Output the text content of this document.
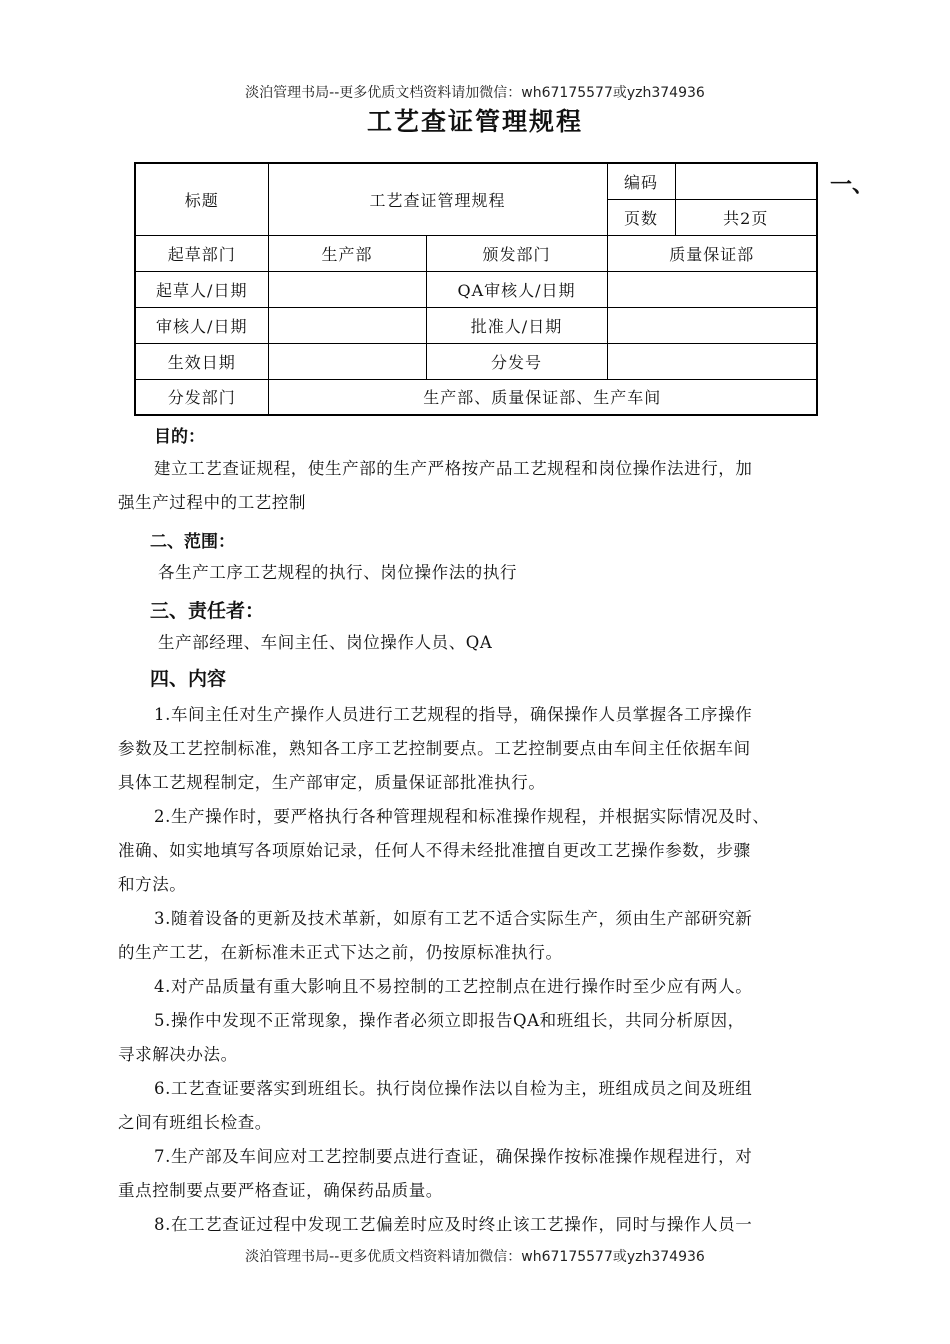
淡泊管理书局--更多优质文档资料请加微信：wh67175577或yzh374936
工艺查证管理规程
标题	工艺查证管理规程		编码	
			页数	共2页
起草部门	生产部	颁发部门	质量保证部	
起草人/日期		QA审核人/日期		
审核人/日期		批准人/日期		
生效日期		分发号		
分发部门	生产部、质量保证部、生产车间			
一、
目的：
建立工艺查证规程，使生产部的生产严格按产品工艺规程和岗位操作法进行，加
强生产过程中的工艺控制
二、范围：
各生产工序工艺规程的执行、岗位操作法的执行
三、责任者：
生产部经理、车间主任、岗位操作人员、QA
四、内容
1.车间主任对生产操作人员进行工艺规程的指导，确保操作人员掌握各工序操作
参数及工艺控制标准，熟知各工序工艺控制要点。工艺控制要点由车间主任依据车间
具体工艺规程制定，生产部审定，质量保证部批准执行。
2.生产操作时，要严格执行各种管理规程和标准操作规程，并根据实际情况及时、
准确、如实地填写各项原始记录，任何人不得未经批准擅自更改工艺操作参数，步骤
和方法。
3.随着设备的更新及技术革新，如原有工艺不适合实际生产，须由生产部研究新
的生产工艺，在新标准未正式下达之前，仍按原标准执行。
4.对产品质量有重大影响且不易控制的工艺控制点在进行操作时至少应有两人。
5.操作中发现不正常现象，操作者必须立即报告QA和班组长，共同分析原因，
寻求解决办法。
6.工艺查证要落实到班组长。执行岗位操作法以自检为主，班组成员之间及班组
之间有班组长检查。
7.生产部及车间应对工艺控制要点进行查证，确保操作按标准操作规程进行，对
重点控制要点要严格查证，确保药品质量。
8.在工艺查证过程中发现工艺偏差时应及时终止该工艺操作，同时与操作人员一
淡泊管理书局--更多优质文档资料请加微信：wh67175577或yzh374936
